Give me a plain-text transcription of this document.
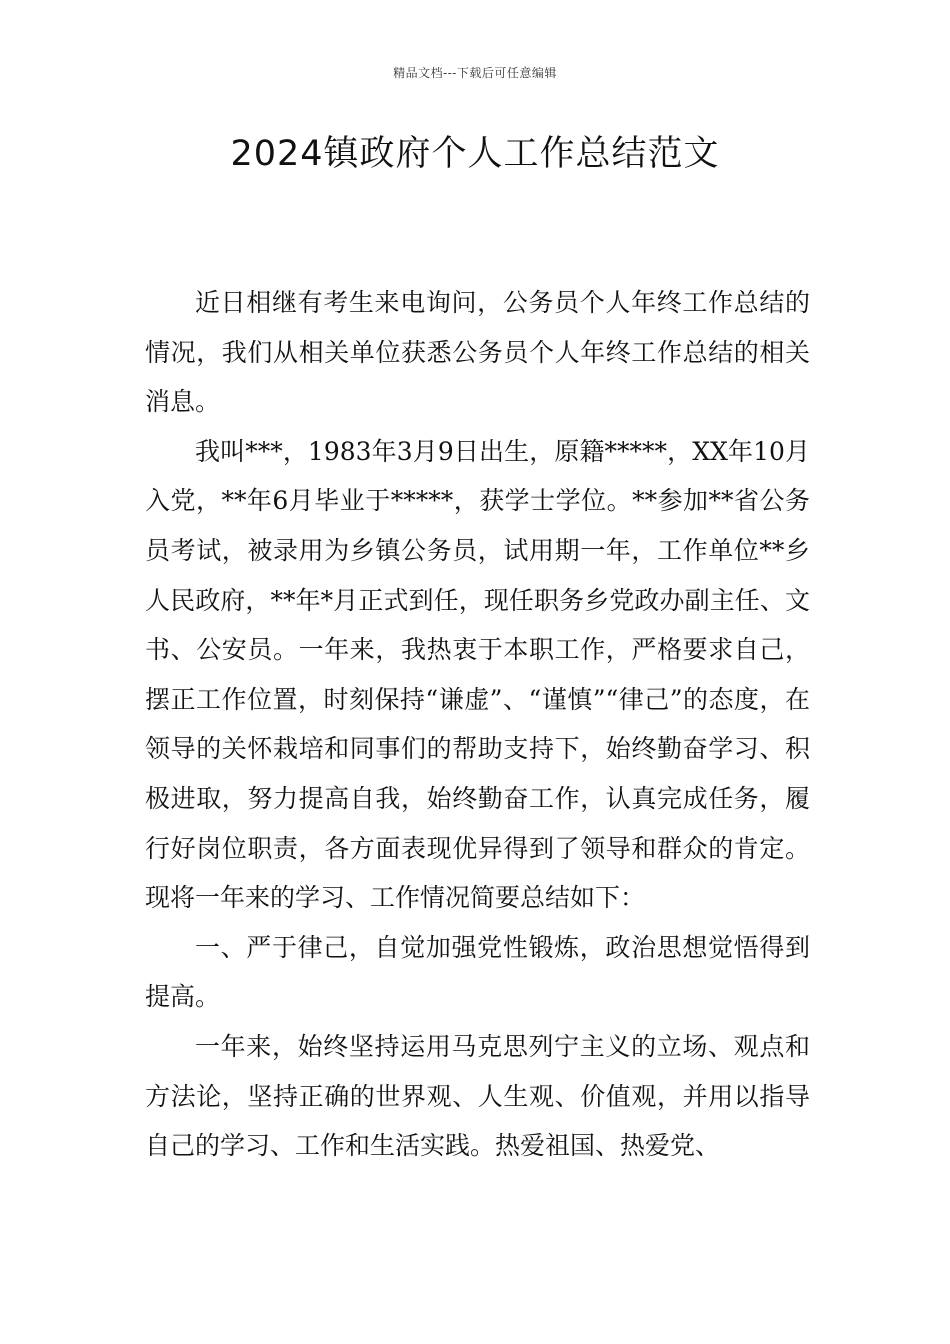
精品文档---下载后可任意编辑
2024镇政府个人工作总结范文

近日相继有考生来电询问，公务员个人年终工作总结的情况，我们从相关单位获悉公务员个人年终工作总结的相关消息。

我叫***，1983年3月9日出生，原籍*****，XX年10月入党，**年6月毕业于*****，获学士学位。**参加**省公务员考试，被录用为乡镇公务员，试用期一年，工作单位**乡人民政府，**年*月正式到任，现任职务乡党政办副主任、文书、公安员。一年来，我热衷于本职工作，严格要求自己，摆正工作位置，时刻保持“谦虚”、“谨慎”“律己”的态度，在领导的关怀栽培和同事们的帮助支持下，始终勤奋学习、积极进取，努力提高自我，始终勤奋工作，认真完成任务，履行好岗位职责，各方面表现优异得到了领导和群众的肯定。现将一年来的学习、工作情况简要总结如下：

一、严于律己，自觉加强党性锻炼，政治思想觉悟得到提高。

一年来，始终坚持运用马克思列宁主义的立场、观点和方法论，坚持正确的世界观、人生观、价值观，并用以指导自己的学习、工作和生活实践。热爱祖国、热爱党、
